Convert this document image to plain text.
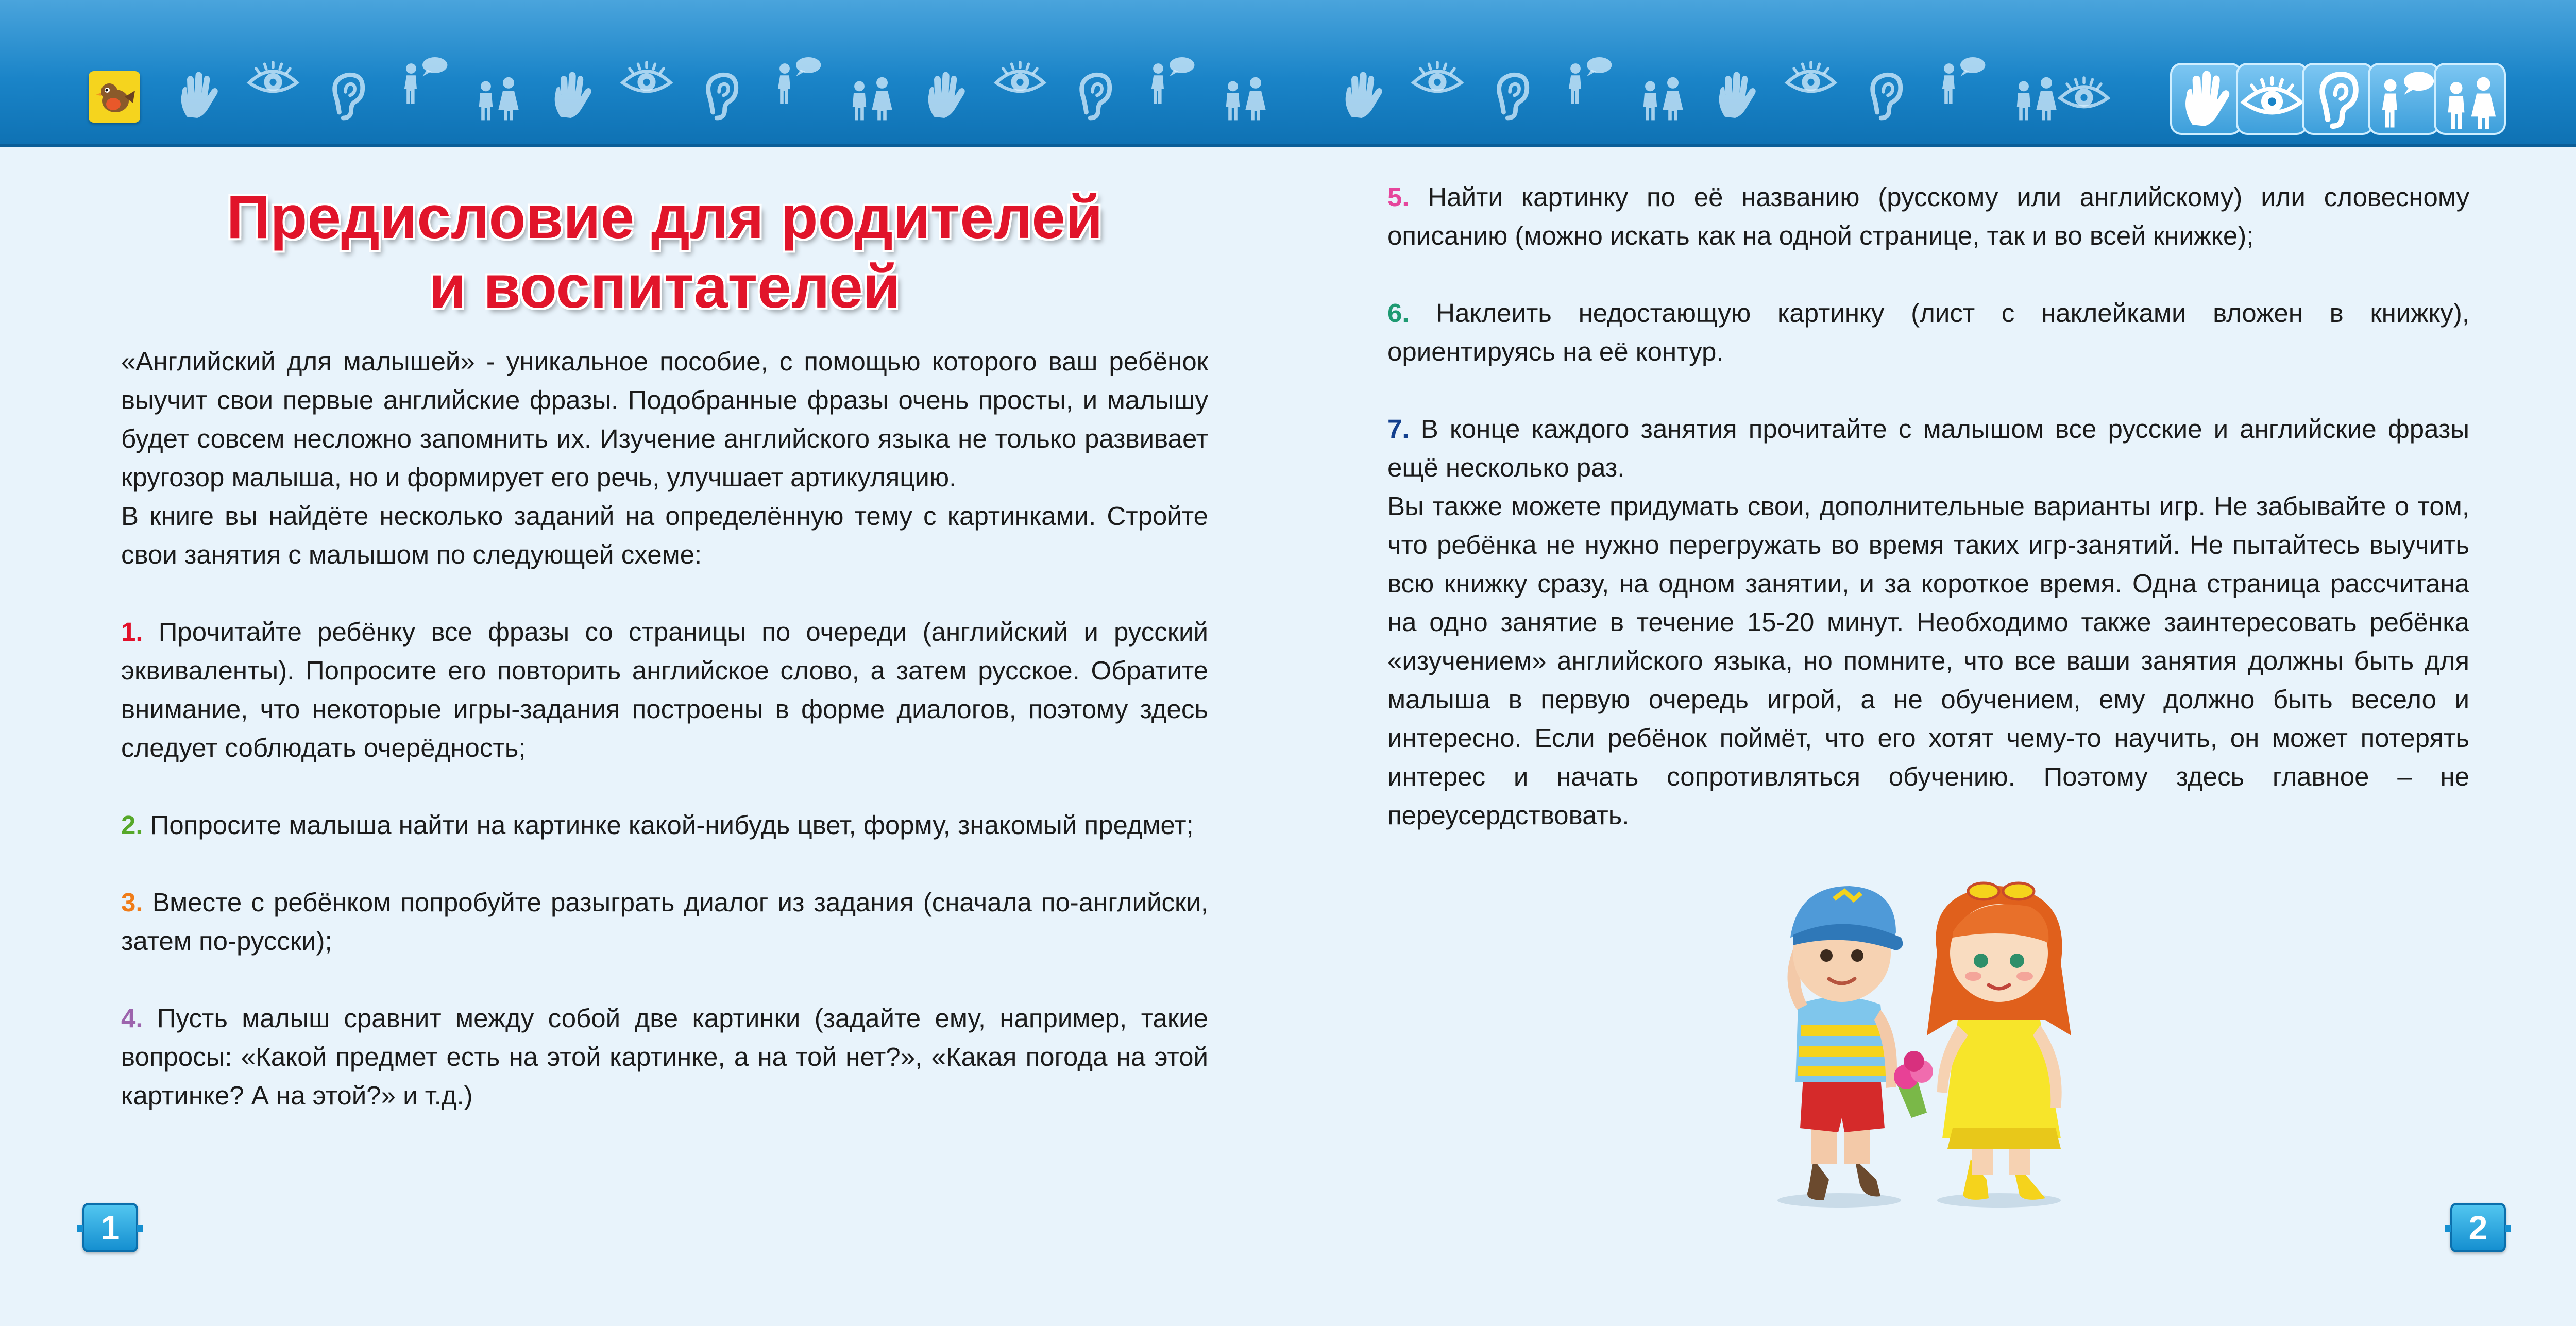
Предисловие для родителей
и воспитателей

«Английский для малышей» - уникальное пособие, с помощью которого ваш ребёнок выучит свои первые английские фразы. Подобранные фразы очень просты, и малышу будет совсем несложно запомнить их. Изучение английского языка не только развивает кругозор малыша, но и формирует его речь, улучшает артикуляцию.

В книге вы найдёте несколько заданий на определённую тему с картинками. Стройте свои занятия с малышом по следующей схеме:

1. Прочитайте ребёнку все фразы со страницы по очереди (английский и русский эквиваленты). Попросите его повторить английское слово, а затем русское. Обратите внимание, что некоторые игры-задания построены в форме диалогов, поэтому здесь следует соблюдать очерёдность;

2. Попросите малыша найти на картинке какой-нибудь цвет, форму, знакомый предмет;

3. Вместе с ребёнком попробуйте разыграть диалог из задания (сначала по-английски, затем по-русски);

4. Пусть малыш сравнит между собой две картинки (задайте ему, например, такие вопросы: «Какой предмет есть на этой картинке, а на той нет?», «Какая погода на этой картинке? А на этой?» и т.д.)

5. Найти картинку по её названию (русскому или английскому) или словесному описанию (можно искать как на одной странице, так и во всей книжке);

6. Наклеить недостающую картинку (лист с наклейками вложен в книжку), ориентируясь на её контур.

7. В конце каждого занятия прочитайте с малышом все русские и английские фразы ещё несколько раз.

Вы также можете придумать свои, дополнительные варианты игр. Не забывайте о том, что ребёнка не нужно перегружать во время таких игр-занятий. Не пытайтесь выучить всю книжку сразу, на одном занятии, и за короткое время. Одна страница рассчитана на одно занятие в течение 15-20 минут. Необходимо также заинтересовать ребёнка «изучением» английского языка, но помните, что все ваши занятия должны быть для малыша в первую очередь игрой, а не обучением, ему должно быть весело и интересно. Если ребёнок поймёт, что его хотят чему-то научить, он может потерять интерес и начать сопротивляться обучению. Поэтому здесь главное – не переусердствовать.

1	2
